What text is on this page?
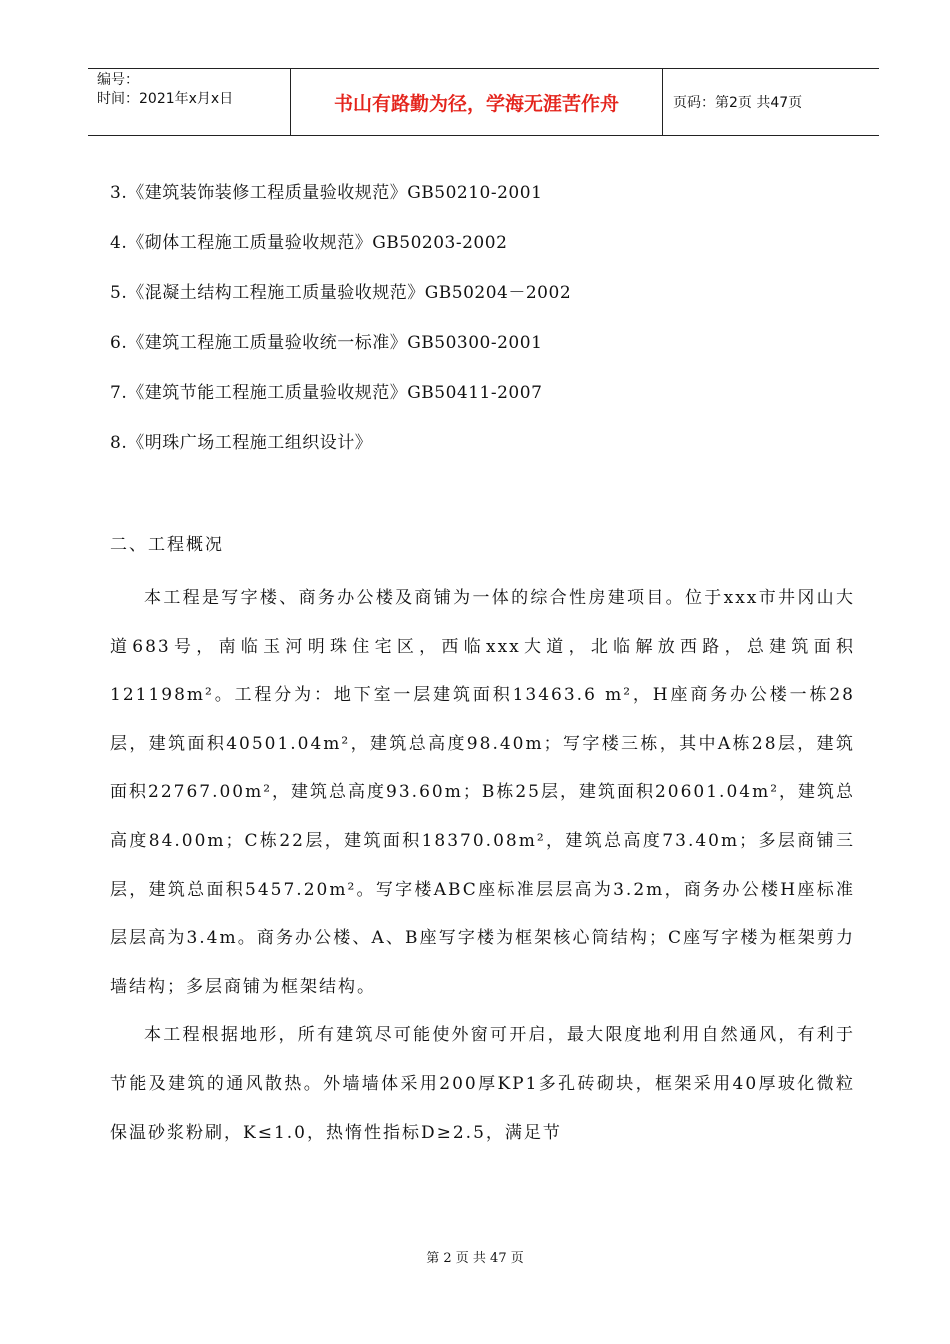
编号：
时间：2021年x月x日	书山有路勤为径，学海无涯苦作舟	页码：第2页 共47页
3.《建筑装饰装修工程质量验收规范》GB50210-2001
4.《砌体工程施工质量验收规范》GB50203-2002
5.《混凝土结构工程施工质量验收规范》GB50204－2002
6.《建筑工程施工质量验收统一标准》GB50300-2001
7.《建筑节能工程施工质量验收规范》GB50411-2007
8.《明珠广场工程施工组织设计》
二、工程概况

本工程是写字楼、商务办公楼及商铺为一体的综合性房建项目。位于xxx市井冈山大道683号，南临玉河明珠住宅区，西临xxx大道，北临解放西路，总建筑面积121198m²。工程分为：地下室一层建筑面积13463.6 m²，H座商务办公楼一栋28层，建筑面积40501.04m²，建筑总高度98.40m；写字楼三栋，其中A栋28层，建筑面积22767.00m²，建筑总高度93.60m；B栋25层，建筑面积20601.04m²，建筑总高度84.00m；C栋22层，建筑面积18370.08m²，建筑总高度73.40m；多层商铺三层，建筑总面积5457.20m²。写字楼ABC座标准层层高为3.2m，商务办公楼H座标准层层高为3.4m。商务办公楼、A、B座写字楼为框架核心筒结构；C座写字楼为框架剪力墙结构；多层商铺为框架结构。

本工程根据地形，所有建筑尽可能使外窗可开启，最大限度地利用自然通风，有利于节能及建筑的通风散热。外墙墙体采用200厚KP1多孔砖砌块，框架采用40厚玻化微粒保温砂浆粉刷，K≤1.0，热惰性指标D≥2.5，满足节

第 2 页 共 47 页
